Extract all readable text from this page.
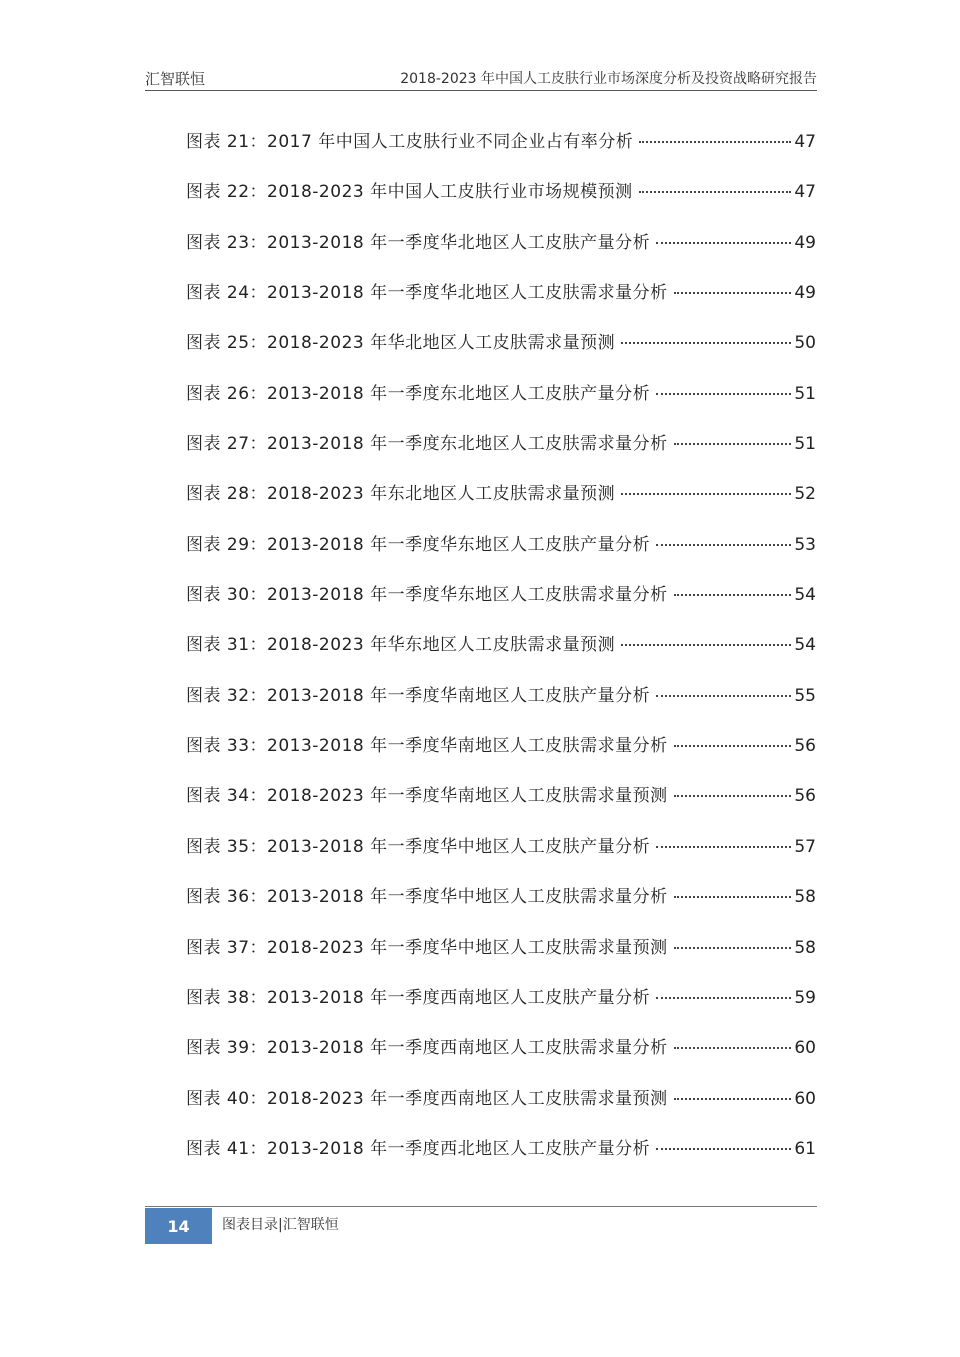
汇智联恒	2018-2023 年中国人工皮肤行业市场深度分析及投资战略研究报告
图表 21：2017 年中国人工皮肤行业不同企业占有率分析	47
图表 22：2018-2023 年中国人工皮肤行业市场规模预测	47
图表 23：2013-2018 年一季度华北地区人工皮肤产量分析	49
图表 24：2013-2018 年一季度华北地区人工皮肤需求量分析	49
图表 25：2018-2023 年华北地区人工皮肤需求量预测	50
图表 26：2013-2018 年一季度东北地区人工皮肤产量分析	51
图表 27：2013-2018 年一季度东北地区人工皮肤需求量分析	51
图表 28：2018-2023 年东北地区人工皮肤需求量预测	52
图表 29：2013-2018 年一季度华东地区人工皮肤产量分析	53
图表 30：2013-2018 年一季度华东地区人工皮肤需求量分析	54
图表 31：2018-2023 年华东地区人工皮肤需求量预测	54
图表 32：2013-2018 年一季度华南地区人工皮肤产量分析	55
图表 33：2013-2018 年一季度华南地区人工皮肤需求量分析	56
图表 34：2018-2023 年一季度华南地区人工皮肤需求量预测	56
图表 35：2013-2018 年一季度华中地区人工皮肤产量分析	57
图表 36：2013-2018 年一季度华中地区人工皮肤需求量分析	58
图表 37：2018-2023 年一季度华中地区人工皮肤需求量预测	58
图表 38：2013-2018 年一季度西南地区人工皮肤产量分析	59
图表 39：2013-2018 年一季度西南地区人工皮肤需求量分析	60
图表 40：2018-2023 年一季度西南地区人工皮肤需求量预测	60
图表 41：2013-2018 年一季度西北地区人工皮肤产量分析	61
14	图表目录|汇智联恒
